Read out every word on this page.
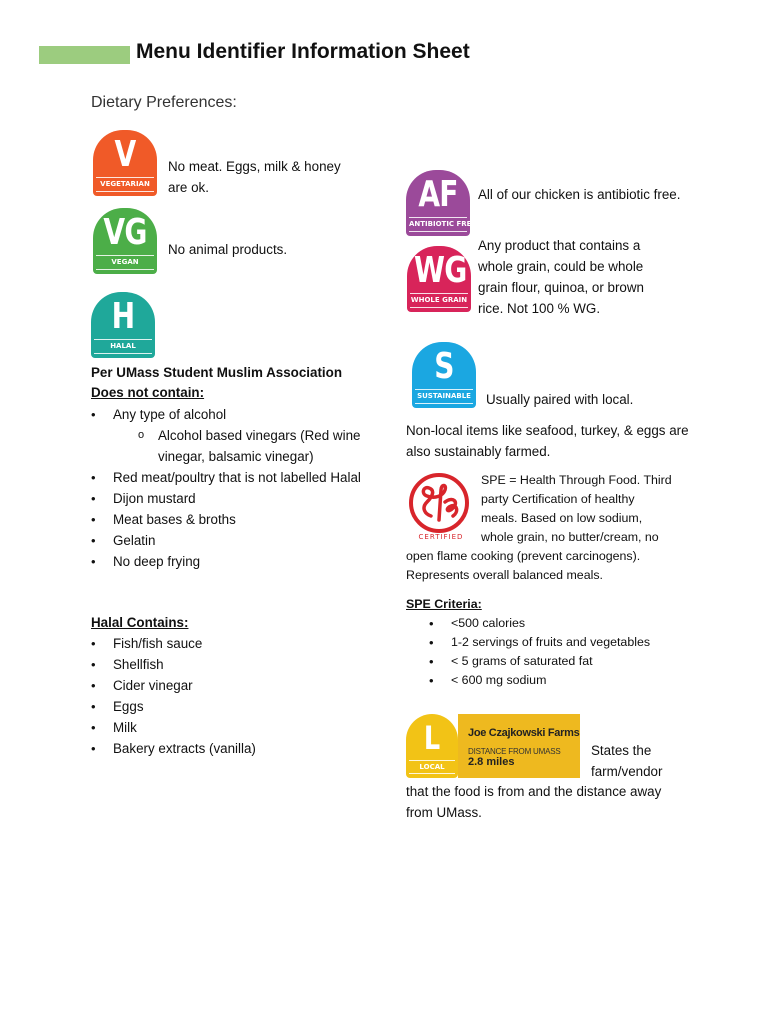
Menu Identifier Information Sheet
Dietary Preferences:
V
VEGETARIAN
No meat. Eggs, milk & honey are ok.
VG
VEGAN
No animal products.
H
HALAL
Per UMass Student Muslim Association
Does not contain:
• Any type of alcohol
o Alcohol based vinegars (Red wine vinegar, balsamic vinegar)
• Red meat/poultry that is not labelled Halal
• Dijon mustard
• Meat bases & broths
• Gelatin
• No deep frying
Halal Contains:
• Fish/fish sauce
• Shellfish
• Cider vinegar
• Eggs
• Milk
• Bakery extracts (vanilla)
AF
ANTIBIOTIC FREE
All of our chicken is antibiotic free.
WG
WHOLE GRAIN
Any product that contains a whole grain, could be whole grain flour, quinoa, or brown rice. Not 100 % WG.
S
SUSTAINABLE Usually paired with local.
Non-local items like seafood, turkey, & eggs are also sustainably farmed.
CERTIFIED
SPE = Health Through Food. Third
party Certification of healthy
meals. Based on low sodium,
whole grain, no butter/cream, no
open flame cooking (prevent carcinogens).
Represents overall balanced meals.
SPE Criteria:
• <500 calories
• 1-2 servings of fruits and vegetables
• < 5 grams of saturated fat
• < 600 mg sodium
L
LOCAL
Joe Czajkowski Farms
DISTANCE FROM UMASS
2.8 miles
States the
farm/vendor
that the food is from and the distance away
from UMass.
